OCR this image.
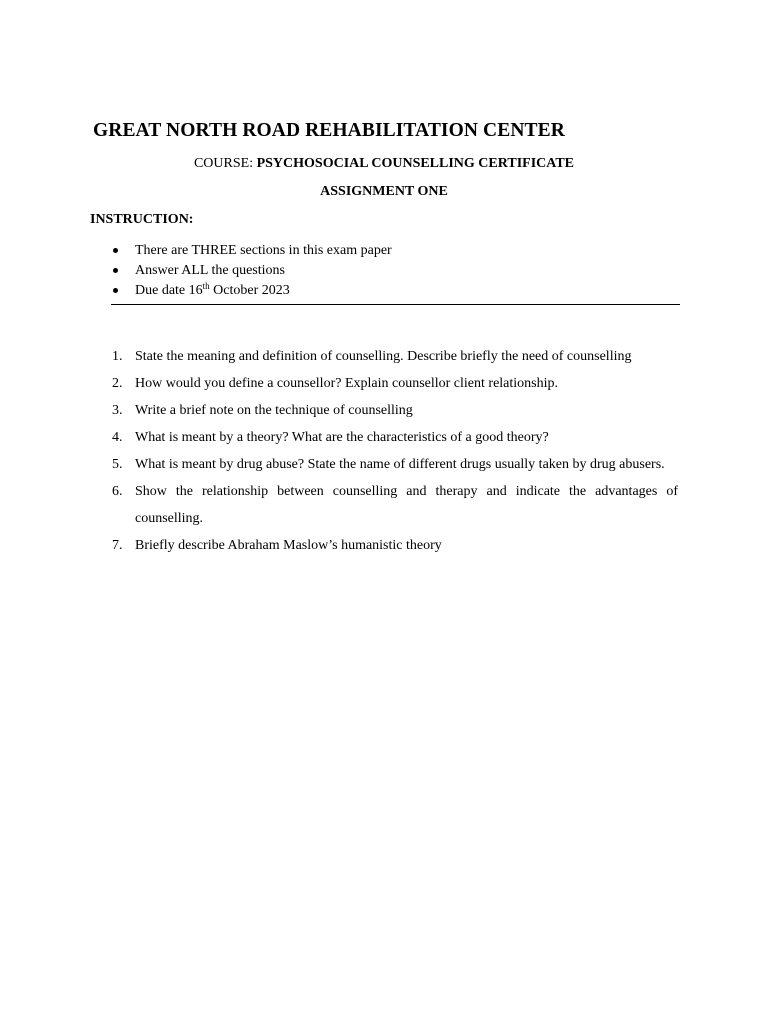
GREAT NORTH ROAD REHABILITATION CENTER
COURSE: PSYCHOSOCIAL COUNSELLING CERTIFICATE
ASSIGNMENT ONE
INSTRUCTION:
There are THREE sections in this exam paper
Answer ALL the questions
Due date 16th October 2023
1. State the meaning and definition of counselling. Describe briefly the need of counselling
2. How would you define a counsellor? Explain counsellor client relationship.
3. Write a brief note on the technique of counselling
4. What is meant by a theory? What are the characteristics of a good theory?
5. What is meant by drug abuse? State the name of different drugs usually taken by drug abusers.
6. Show the relationship between counselling and therapy and indicate the advantages of counselling.
7. Briefly describe Abraham Maslow’s humanistic theory
